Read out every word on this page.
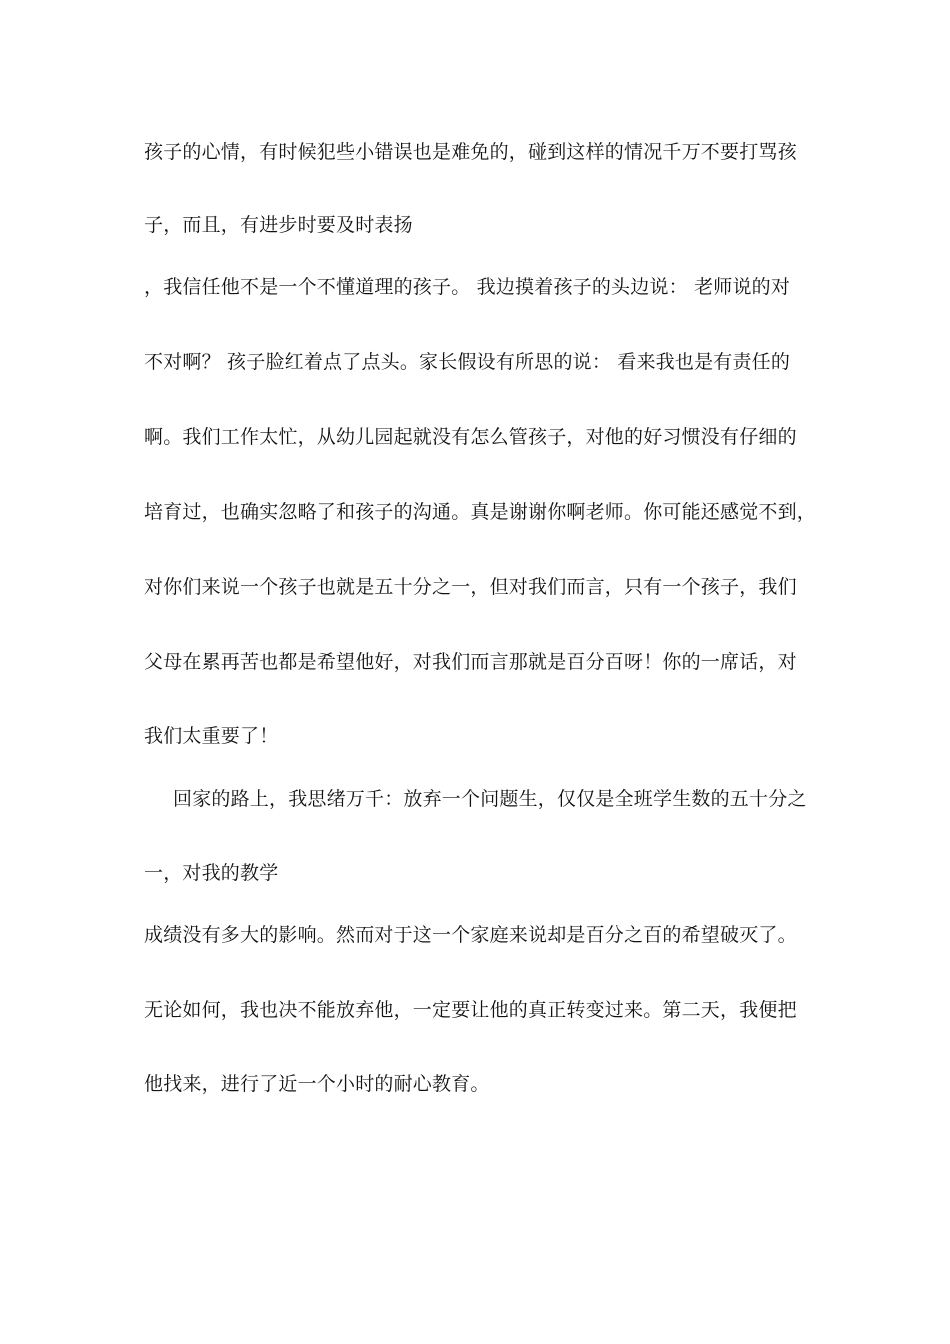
孩子的心情，有时候犯些小错误也是难免的，碰到这样的情况千万不要打骂孩
子，而且，有进步时要及时表扬
，我信任他不是一个不懂道理的孩子。 我边摸着孩子的头边说： 老师说的对
不对啊？ 孩子脸红着点了点头。家长假设有所思的说： 看来我也是有责任的
啊。我们工作太忙，从幼儿园起就没有怎么管孩子，对他的好习惯没有仔细的
培育过，也确实忽略了和孩子的沟通。真是谢谢你啊老师。你可能还感觉不到，
对你们来说一个孩子也就是五十分之一，但对我们而言，只有一个孩子，我们
父母在累再苦也都是希望他好，对我们而言那就是百分百呀！你的一席话，对
我们太重要了！
回家的路上，我思绪万千：放弃一个问题生，仅仅是全班学生数的五十分之
一，对我的教学
成绩没有多大的影响。然而对于这一个家庭来说却是百分之百的希望破灭了。
无论如何，我也决不能放弃他，一定要让他的真正转变过来。第二天，我便把
他找来，进行了近一个小时的耐心教育。
